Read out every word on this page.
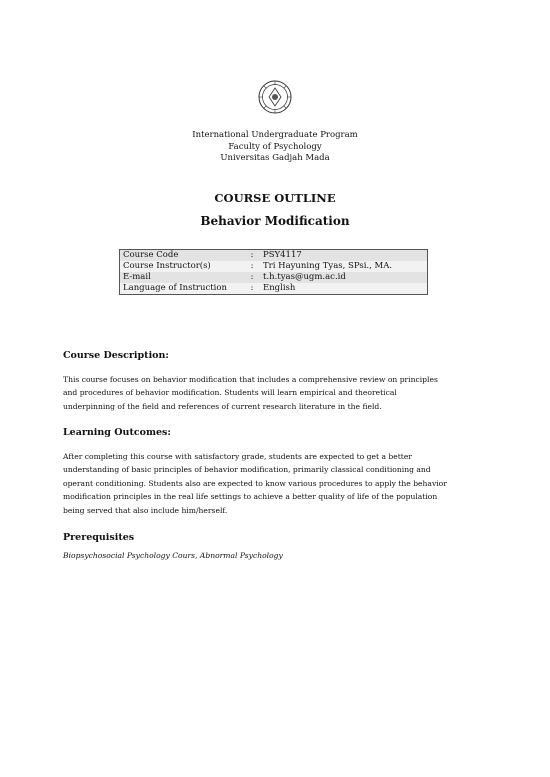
International Undergraduate Program
Faculty of Psychology
Universitas Gadjah Mada
COURSE OUTLINE
Behavior Modification
Course Code	:	PSY4117
Course Instructor(s)	:	Tri Hayuning Tyas, SPsi., MA.
E-mail	:	t.h.tyas@ugm.ac.id
Language of Instruction	:	English
Course Description:
This course focuses on behavior modification that includes a comprehensive review on principles
and procedures of behavior modification. Students will learn empirical and theoretical
underpinning of the field and references of current research literature in the field.
Learning Outcomes:
After completing this course with satisfactory grade, students are expected to get a better
understanding of basic principles of behavior modification, primarily classical conditioning and
operant conditioning. Students also are expected to know various procedures to apply the behavior
modification principles in the real life settings to achieve a better quality of life of the population
being served that also include him/herself.
Prerequisites
Biopsychosocial Psychology Cours, Abnormal Psychology
